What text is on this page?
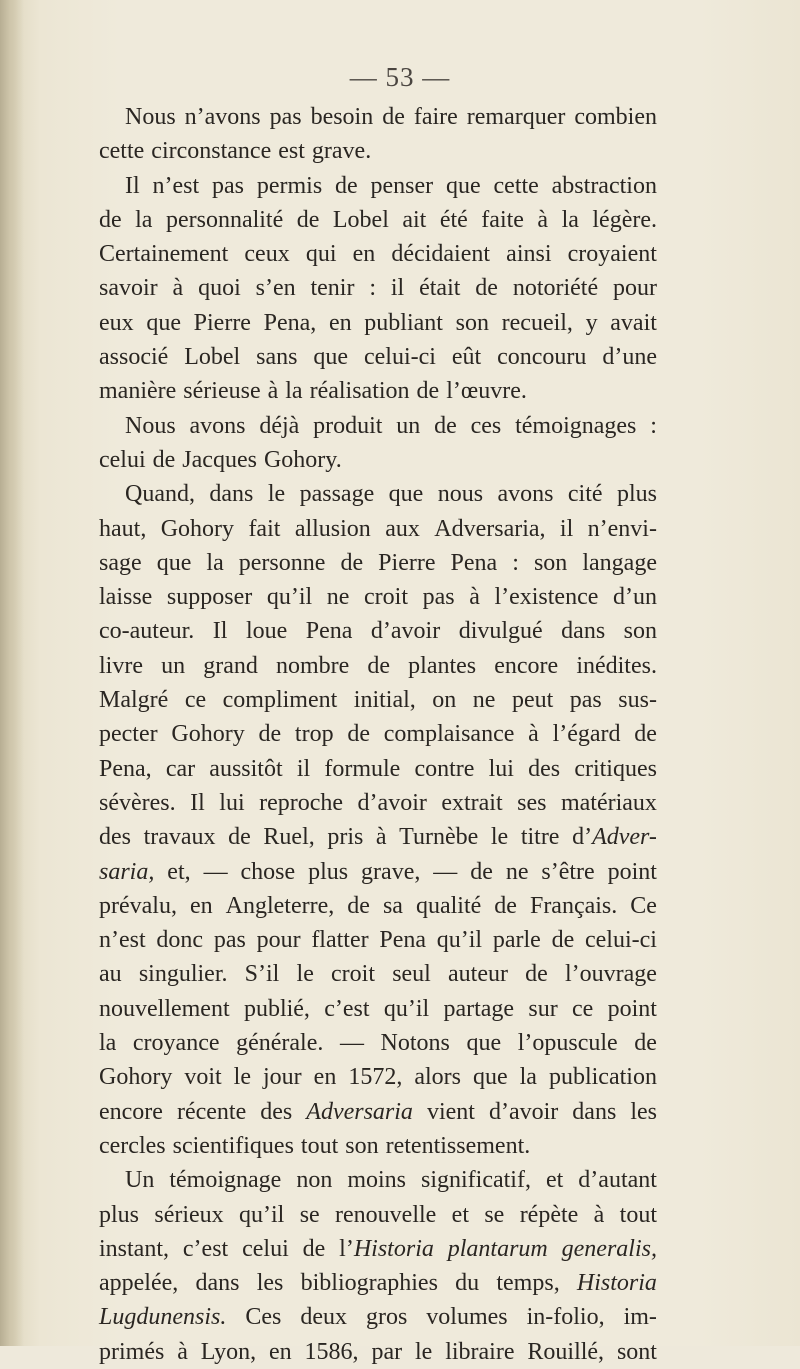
— 53 —
Nous n’avons pas besoin de faire remarquer combien
cette circonstance est grave.
Il n’est pas permis de penser que cette abstraction
de la personnalité de Lobel ait été faite à la légère.
Certainement ceux qui en décidaient ainsi croyaient
savoir à quoi s’en tenir : il était de notoriété pour
eux que Pierre Pena, en publiant son recueil, y avait
associé Lobel sans que celui-ci eût concouru d’une
manière sérieuse à la réalisation de l’œuvre.
Nous avons déjà produit un de ces témoignages :
celui de Jacques Gohory.
Quand, dans le passage que nous avons cité plus
haut, Gohory fait allusion aux Adversaria, il n’envi-
sage que la personne de Pierre Pena : son langage
laisse supposer qu’il ne croit pas à l’existence d’un
co-auteur. Il loue Pena d’avoir divulgué dans son
livre un grand nombre de plantes encore inédites.
Malgré ce compliment initial, on ne peut pas sus-
pecter Gohory de trop de complaisance à l’égard de
Pena, car aussitôt il formule contre lui des critiques
sévères. Il lui reproche d’avoir extrait ses matériaux
des travaux de Ruel, pris à Turnèbe le titre d’Adver-
saria, et, — chose plus grave, — de ne s’être point
prévalu, en Angleterre, de sa qualité de Français. Ce
n’est donc pas pour flatter Pena qu’il parle de celui-ci
au singulier. S’il le croit seul auteur de l’ouvrage
nouvellement publié, c’est qu’il partage sur ce point
la croyance générale. — Notons que l’opuscule de
Gohory voit le jour en 1572, alors que la publication
encore récente des Adversaria vient d’avoir dans les
cercles scientifiques tout son retentissement.
Un témoignage non moins significatif, et d’autant
plus sérieux qu’il se renouvelle et se répète à tout
instant, c’est celui de l’Historia plantarum generalis,
appelée, dans les bibliographies du temps, Historia
Lugdunensis. Ces deux gros volumes in-folio, im-
primés à Lyon, en 1586, par le libraire Rouillé, sont
